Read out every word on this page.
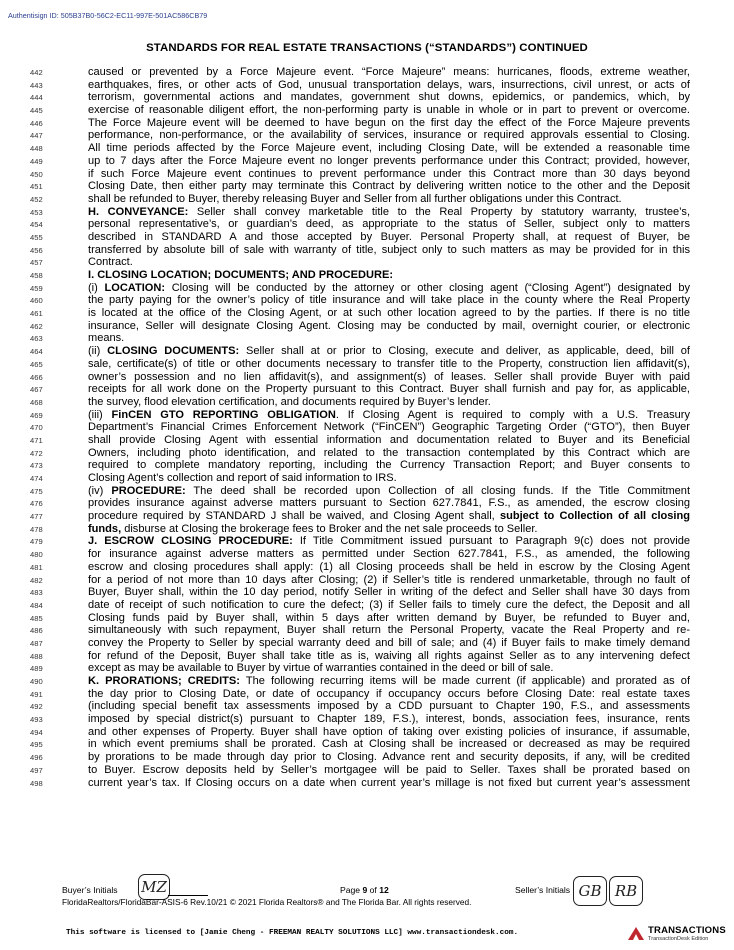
Authentisign ID: 505B37B0-56C2-EC11-997E-501AC586CB79
STANDARDS FOR REAL ESTATE TRANSACTIONS (“STANDARDS”) CONTINUED
442	caused or prevented by a Force Majeure event. “Force Majeure” means: hurricanes, floods, extreme weather,
443	earthquakes, fires, or other acts of God, unusual transportation delays, wars, insurrections, civil unrest, or acts of
444	terrorism, governmental actions and mandates, government shut downs, epidemics, or pandemics, which, by
445	exercise of reasonable diligent effort, the non-performing party is unable in whole or in part to prevent or overcome.
446	The Force Majeure event will be deemed to have begun on the first day the effect of the Force Majeure prevents
447	performance, non-performance, or the availability of services, insurance or required approvals essential to Closing.
448	All time periods affected by the Force Majeure event, including Closing Date, will be extended a reasonable time
449	up to 7 days after the Force Majeure event no longer prevents performance under this Contract; provided, however,
450	if such Force Majeure event continues to prevent performance under this Contract more than 30 days beyond
451	Closing Date, then either party may terminate this Contract by delivering written notice to the other and the Deposit
452	shall be refunded to Buyer, thereby releasing Buyer and Seller from all further obligations under this Contract.
453	H. CONVEYANCE: Seller shall convey marketable title to the Real Property by statutory warranty, trustee’s,
454	personal representative’s, or guardian’s deed, as appropriate to the status of Seller, subject only to matters
455	described in STANDARD A and those accepted by Buyer. Personal Property shall, at request of Buyer, be
456	transferred by absolute bill of sale with warranty of title, subject only to such matters as may be provided for in this
457	Contract.
458	I. CLOSING LOCATION; DOCUMENTS; AND PROCEDURE:
459	(i) LOCATION: Closing will be conducted by the attorney or other closing agent (“Closing Agent”) designated by
460	the party paying for the owner’s policy of title insurance and will take place in the county where the Real Property
461	is located at the office of the Closing Agent, or at such other location agreed to by the parties. If there is no title
462	insurance, Seller will designate Closing Agent. Closing may be conducted by mail, overnight courier, or electronic
463	means.
464	(ii) CLOSING DOCUMENTS: Seller shall at or prior to Closing, execute and deliver, as applicable, deed, bill of
465	sale, certificate(s) of title or other documents necessary to transfer title to the Property, construction lien affidavit(s),
466	owner’s possession and no lien affidavit(s), and assignment(s) of leases. Seller shall provide Buyer with paid
467	receipts for all work done on the Property pursuant to this Contract. Buyer shall furnish and pay for, as applicable,
468	the survey, flood elevation certification, and documents required by Buyer’s lender.
469	(iii) FinCEN GTO REPORTING OBLIGATION. If Closing Agent is required to comply with a U.S. Treasury
470	Department’s Financial Crimes Enforcement Network (“FinCEN”) Geographic Targeting Order (“GTO”), then Buyer
471	shall provide Closing Agent with essential information and documentation related to Buyer and its Beneficial
472	Owners, including photo identification, and related to the transaction contemplated by this Contract which are
473	required to complete mandatory reporting, including the Currency Transaction Report; and Buyer consents to
474	Closing Agent’s collection and report of said information to IRS.
475	(iv) PROCEDURE: The deed shall be recorded upon Collection of all closing funds. If the Title Commitment
476	provides insurance against adverse matters pursuant to Section 627.7841, F.S., as amended, the escrow closing
477	procedure required by STANDARD J shall be waived, and Closing Agent shall, subject to Collection of all closing
478	funds, disburse at Closing the brokerage fees to Broker and the net sale proceeds to Seller.
479	J. ESCROW CLOSING PROCEDURE: If Title Commitment issued pursuant to Paragraph 9(c) does not provide
480	for insurance against adverse matters as permitted under Section 627.7841, F.S., as amended, the following
481	escrow and closing procedures shall apply: (1) all Closing proceeds shall be held in escrow by the Closing Agent
482	for a period of not more than 10 days after Closing; (2) if Seller’s title is rendered unmarketable, through no fault of
483	Buyer, Buyer shall, within the 10 day period, notify Seller in writing of the defect and Seller shall have 30 days from
484	date of receipt of such notification to cure the defect; (3) if Seller fails to timely cure the defect, the Deposit and all
485	Closing funds paid by Buyer shall, within 5 days after written demand by Buyer, be refunded to Buyer and,
486	simultaneously with such repayment, Buyer shall return the Personal Property, vacate the Real Property and re-
487	convey the Property to Seller by special warranty deed and bill of sale; and (4) if Buyer fails to make timely demand
488	for refund of the Deposit, Buyer shall take title as is, waiving all rights against Seller as to any intervening defect
489	except as may be available to Buyer by virtue of warranties contained in the deed or bill of sale.
490	K. PRORATIONS; CREDITS: The following recurring items will be made current (if applicable) and prorated as of
491	the day prior to Closing Date, or date of occupancy if occupancy occurs before Closing Date: real estate taxes
492	(including special benefit tax assessments imposed by a CDD pursuant to Chapter 190, F.S., and assessments
493	imposed by special district(s) pursuant to Chapter 189, F.S.), interest, bonds, association fees, insurance, rents
494	and other expenses of Property. Buyer shall have option of taking over existing policies of insurance, if assumable,
495	in which event premiums shall be prorated. Cash at Closing shall be increased or decreased as may be required
496	by prorations to be made through day prior to Closing. Advance rent and security deposits, if any, will be credited
497	to Buyer. Escrow deposits held by Seller’s mortgagee will be paid to Seller. Taxes shall be prorated based on
498	current year’s tax. If Closing occurs on a date when current year’s millage is not fixed but current year’s assessment
Buyer’s Initials MZ	Page 9 of 12	Seller’s Initials GB RB
FloridaRealtors/FloridaBar-ASIS-6 Rev.10/21 © 2021 Florida Realtors® and The Florida Bar. All rights reserved.
This software is licensed to [Jamie Cheng - FREEMAN REALTY SOLUTIONS LLC] www.transactiondesk.com.	TRANSACTIONS
TransactionDesk Edition
